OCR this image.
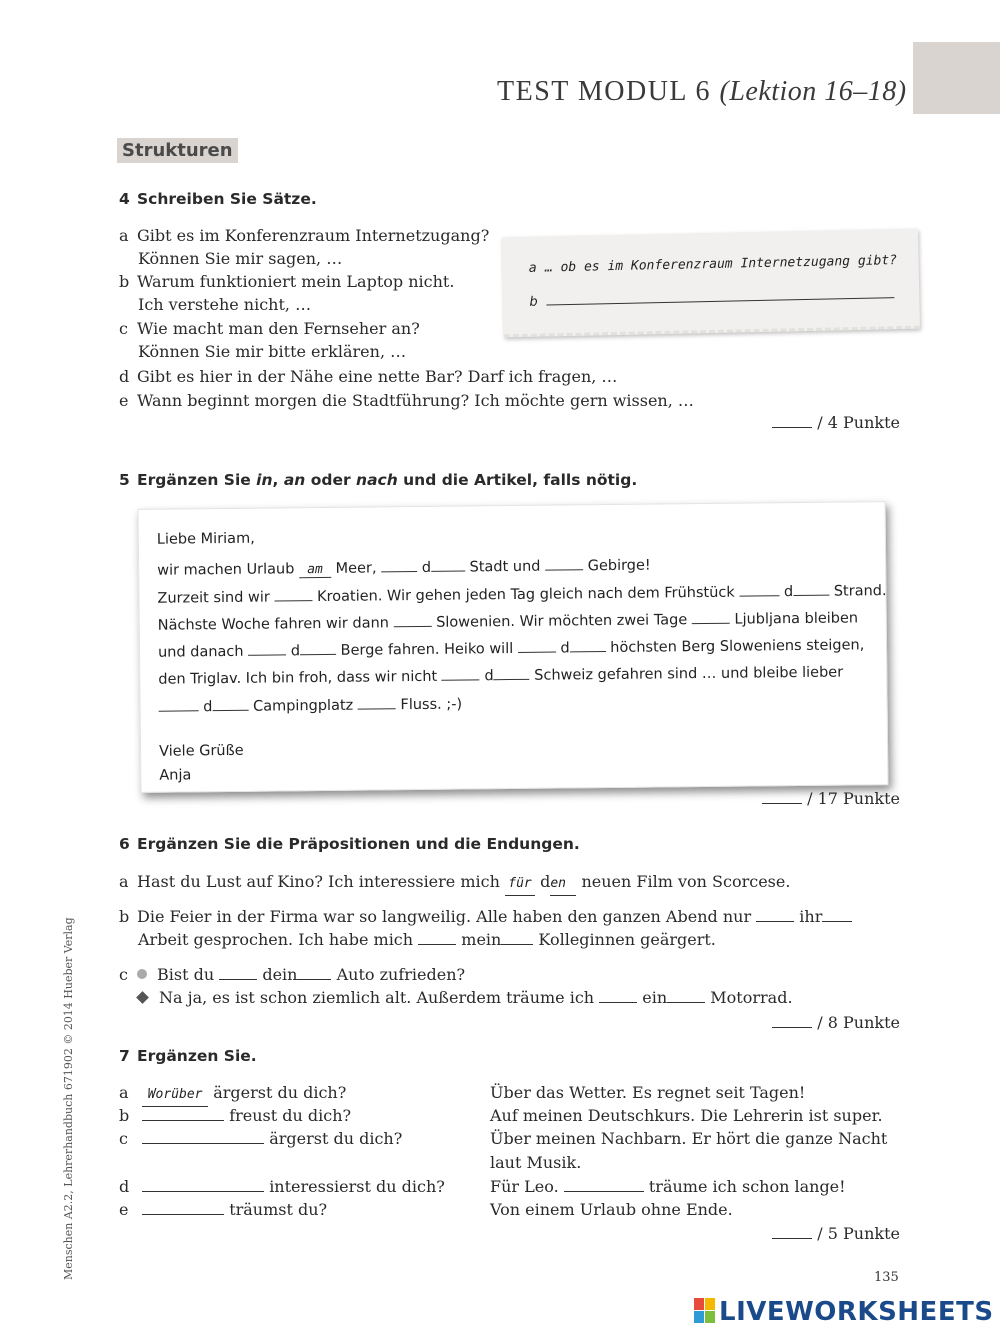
TEST MODUL 6 (Lektion 16–18)
Strukturen
4 Schreiben Sie Sätze.
a Gibt es im Konferenzraum Internetzugang?
Können Sie mir sagen, …
b Warum funktioniert mein Laptop nicht.
Ich verstehe nicht, …
c Wie macht man den Fernseher an?
Können Sie mir bitte erklären, …
d Gibt es hier in der Nähe eine nette Bar? Darf ich fragen, …
e Wann beginnt morgen die Stadtführung? Ich möchte gern wissen, …
a … ob es im Konferenzraum Internetzugang gibt?
b
/ 4 Punkte
5 Ergänzen Sie in, an oder nach und die Artikel, falls nötig.
Liebe Miriam,
wir machen Urlaub am Meer,	d	Stadt und	Gebirge!
Zurzeit sind wir	Kroatien. Wir gehen jeden Tag gleich nach dem Frühstück	d	Strand.
Nächste Woche fahren wir dann	Slowenien. Wir möchten zwei Tage	Ljubljana bleiben
und danach	d	Berge fahren. Heiko will	d	höchsten Berg Sloweniens steigen,
den Triglav. Ich bin froh, dass wir nicht	d	Schweiz gefahren sind … und bleibe lieber
d	Campingplatz	Fluss. ;-)
Viele Grüße
Anja
/ 17 Punkte
6 Ergänzen Sie die Präpositionen und die Endungen.
a Hast du Lust auf Kino? Ich interessiere mich für den neuen Film von Scorcese.
b Die Feier in der Firma war so langweilig. Alle haben den ganzen Abend nur	ihr
Arbeit gesprochen. Ich habe mich	mein Kolleginnen geärgert.
c Bist du	dein Auto zufrieden?
Na ja, es ist schon ziemlich alt. Außerdem träume ich	ein	Motorrad.
/ 8 Punkte
7 Ergänzen Sie.
a Worüber ärgerst du dich?	Über das Wetter. Es regnet seit Tagen!
b	freust du dich?	Auf meinen Deutschkurs. Die Lehrerin ist super.
c	ärgerst du dich?	Über meinen Nachbarn. Er hört die ganze Nacht
laut Musik.
d	interessierst du dich?	Für Leo.	träume ich schon lange!
e	träumst du?	Von einem Urlaub ohne Ende.
/ 5 Punkte
Menschen A2.2, Lehrerhandbuch 671902 © 2014 Hueber Verlag	135
LIVEWORKSHEETS
